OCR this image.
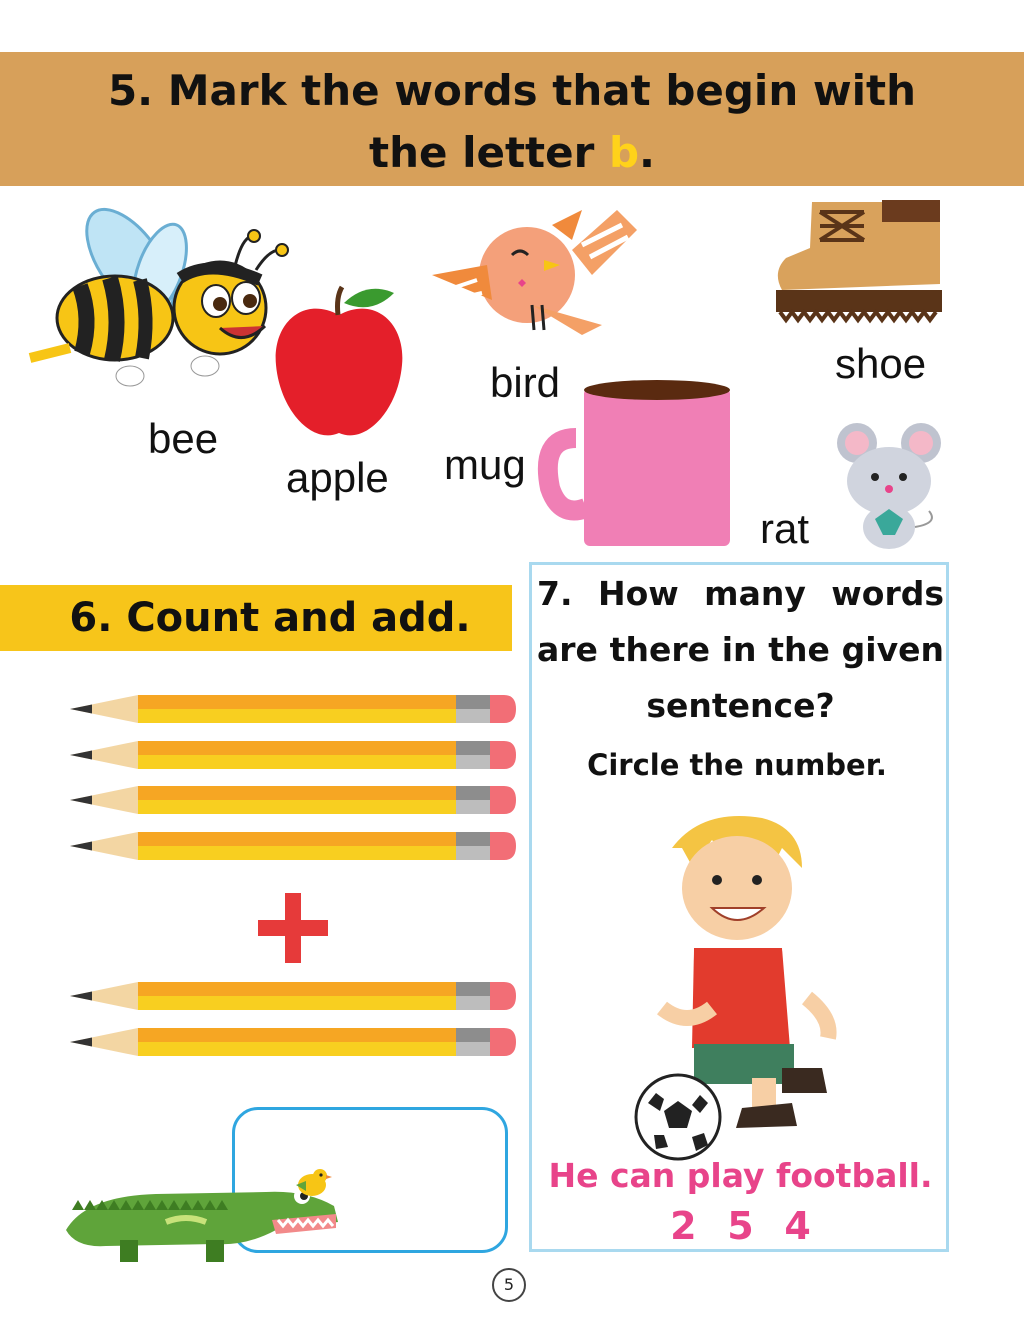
5. Mark the words that begin with
the letter b.
bee
apple
bird	shoe
mug
rat
6. Count and add.
7. How many words are there in the given sentence?
Circle the number.
He can play football.
2 5 4
5
